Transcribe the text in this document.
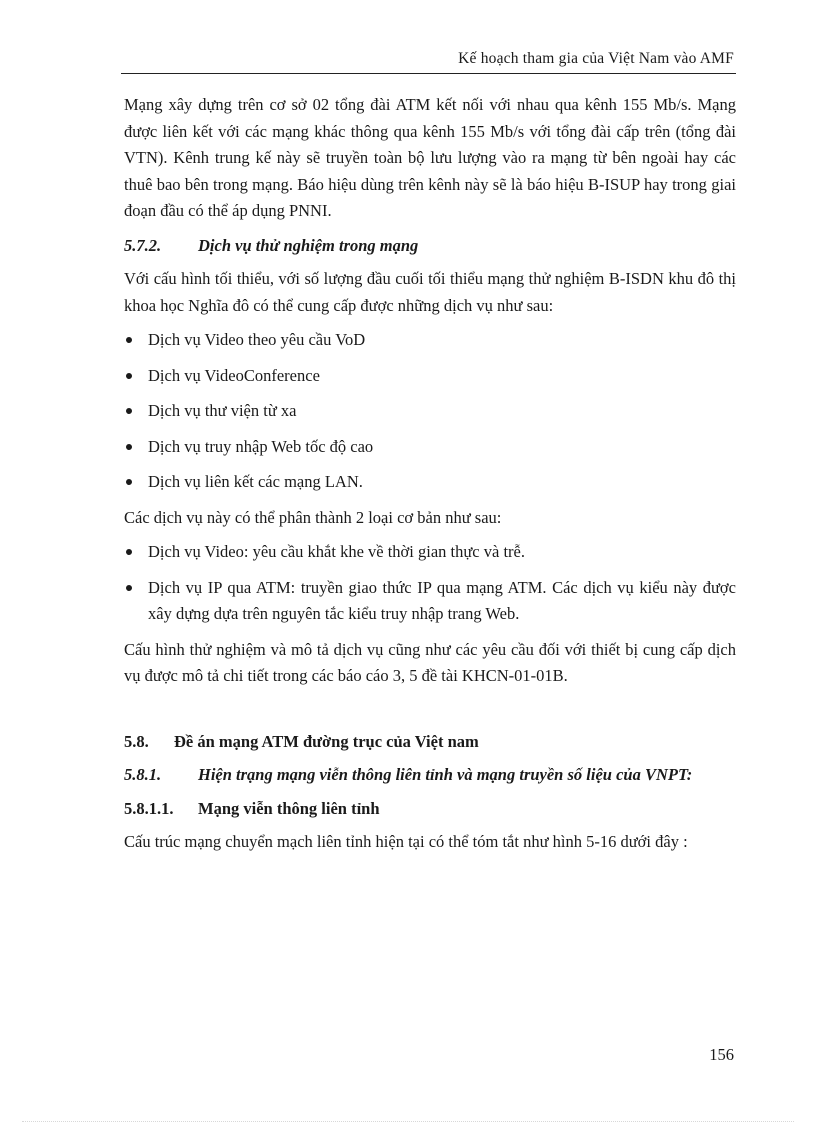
Kế hoạch tham gia của Việt Nam vào AMF

Mạng xây dựng trên cơ sở 02 tổng đài ATM kết nối với nhau qua kênh 155 Mb/s. Mạng được liên kết với các mạng khác thông qua kênh 155 Mb/s với tổng đài cấp trên (tổng đài VTN). Kênh trung kế này sẽ truyền toàn bộ lưu lượng vào ra mạng từ bên ngoài hay các thuê bao bên trong mạng. Báo hiệu dùng trên kênh này sẽ là báo hiệu B-ISUP hay trong giai đoạn đầu có thể áp dụng PNNI.

5.7.2. Dịch vụ thử nghiệm trong mạng

Với cấu hình tối thiểu, với số lượng đầu cuối tối thiểu mạng thử nghiệm B-ISDN khu đô thị khoa học Nghĩa đô có thể cung cấp được những dịch vụ như sau:

Dịch vụ Video theo yêu cầu VoD
Dịch vụ VideoConference
Dịch vụ thư viện từ xa
Dịch vụ truy nhập Web tốc độ cao
Dịch vụ liên kết các mạng LAN.

Các dịch vụ này có thể phân thành 2 loại cơ bản như sau:

Dịch vụ Video: yêu cầu khắt khe về thời gian thực và trễ.
Dịch vụ IP qua ATM: truyền giao thức IP qua mạng ATM. Các dịch vụ kiểu này được xây dựng dựa trên nguyên tắc kiểu truy nhập trang Web.

Cấu hình thử nghiệm và mô tả dịch vụ cũng như các yêu cầu đối với thiết bị cung cấp dịch vụ được mô tả chi tiết trong các báo cáo 3, 5 đề tài KHCN-01-01B.

5.8. Đề án mạng ATM đường trục của Việt nam
5.8.1. Hiện trạng mạng viễn thông liên tỉnh và mạng truyền số liệu của VNPT:
5.8.1.1. Mạng viễn thông liên tỉnh

Cấu trúc mạng chuyển mạch liên tỉnh hiện tại có thể tóm tắt như hình 5-16 dưới đây :

156
